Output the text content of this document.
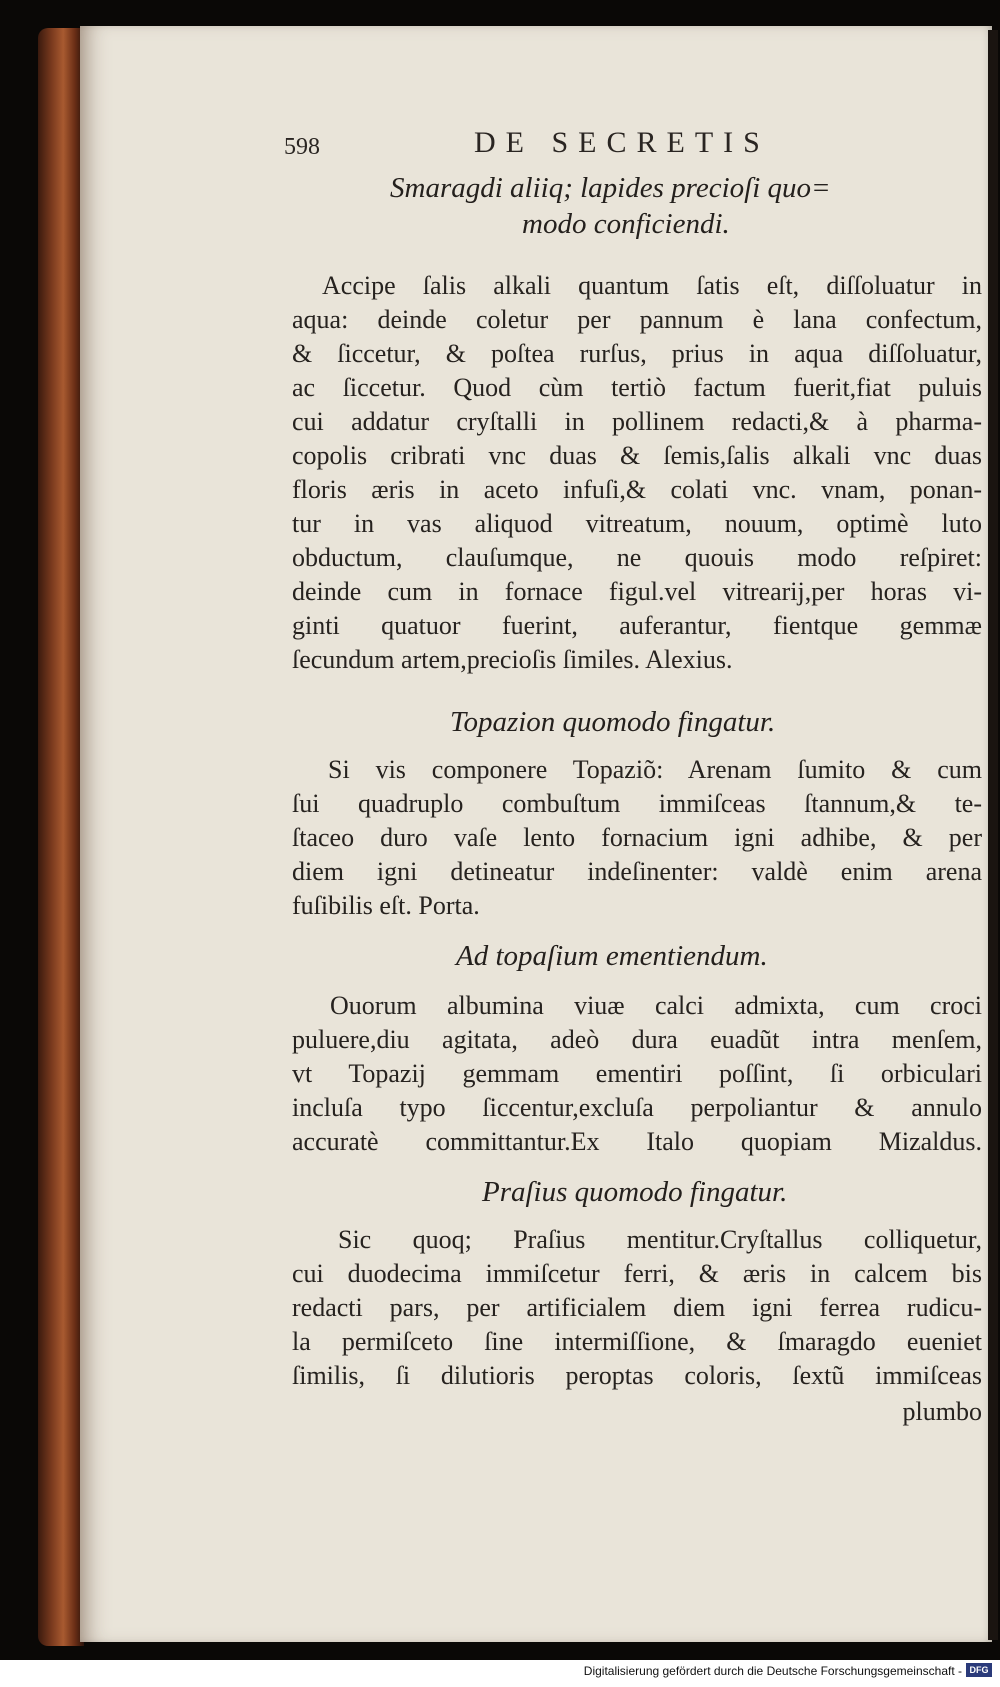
598	DE SECRETIS
Smaragdi aliiq; lapides precioſi quo=
modo conficiendi.
Accipe ſalis alkali quantum ſatis eſt, diſſoluatur in
aqua: deinde coletur per pannum è lana confectum,
& ſiccetur, & poſtea rurſus, prius in aqua diſſoluatur,
ac ſiccetur. Quod cùm tertiò factum fuerit,fiat puluis
cui addatur cryſtalli in pollinem redacti,& à pharma-
copolis cribrati vnc duas & ſemis,ſalis alkali vnc duas
floris æris in aceto infuſi,& colati vnc. vnam, ponan-
tur in vas aliquod vitreatum, nouum, optimè luto
obductum, clauſumque, ne quouis modo reſpiret:
deinde cum in fornace figul.vel vitrearij,per horas vi-
ginti quatuor fuerint, auferantur, fientque gemmæ
ſecundum artem,precioſis ſimiles. Alexius.
Topazion quomodo fingatur.
Si vis componere Topaziõ: Arenam ſumito & cum
ſui quadruplo combuſtum immiſceas ſtannum,& te-
ſtaceo duro vaſe lento fornacium igni adhibe, & per
diem igni detineatur indeſinenter: valdè enim arena
fuſibilis eſt. Porta.
Ad topaſium ementiendum.
Ouorum albumina viuæ calci admixta, cum croci
puluere,diu agitata, adeò dura euadũt intra menſem,
vt Topazij gemmam ementiri poſſint, ſi orbiculari
incluſa typo ſiccentur,excluſa perpoliantur & annulo
accuratè committantur.Ex Italo quopiam Mizaldus.
Praſius quomodo fingatur.
Sic quoq; Praſius mentitur.Cryſtallus colliquetur,
cui duodecima immiſcetur ferri, & æris in calcem bis
redacti pars, per artificialem diem igni ferrea rudicu-
la permiſceto ſine intermiſſione, & ſmaragdo eueniet
ſimilis, ſi dilutioris peroptas coloris, ſextũ immiſceas
plumbo
Digitalisierung gefördert durch die Deutsche Forschungsgemeinschaft - DFG
